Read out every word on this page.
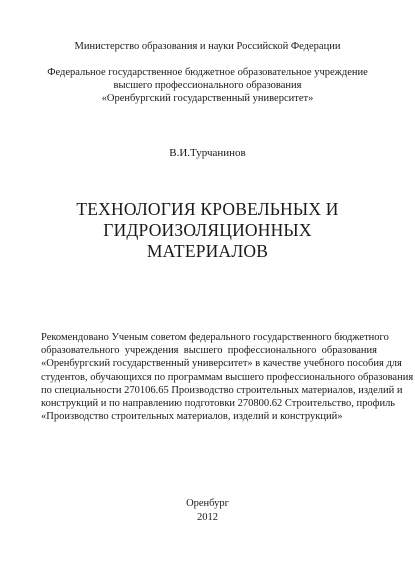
Министерство образования и науки Российской Федерации
Федеральное государственное бюджетное образовательное учреждение
высшего профессионального образования
«Оренбургский государственный университет»
В.И.Турчанинов
ТЕХНОЛОГИЯ КРОВЕЛЬНЫХ И
ГИДРОИЗОЛЯЦИОННЫХ
МАТЕРИАЛОВ
Рекомендовано Ученым советом федерального государственного бюджетного
образовательного учреждения высшего профессионального образования
«Оренбургский государственный университет» в качестве учебного пособия для
студентов, обучающихся по программам высшего профессионального образования
по специальности 270106.65 Производство строительных материалов, изделий и
конструкций и по направлению подготовки 270800.62 Строительство, профиль
«Производство строительных материалов, изделий и конструкций»
Оренбург
2012
